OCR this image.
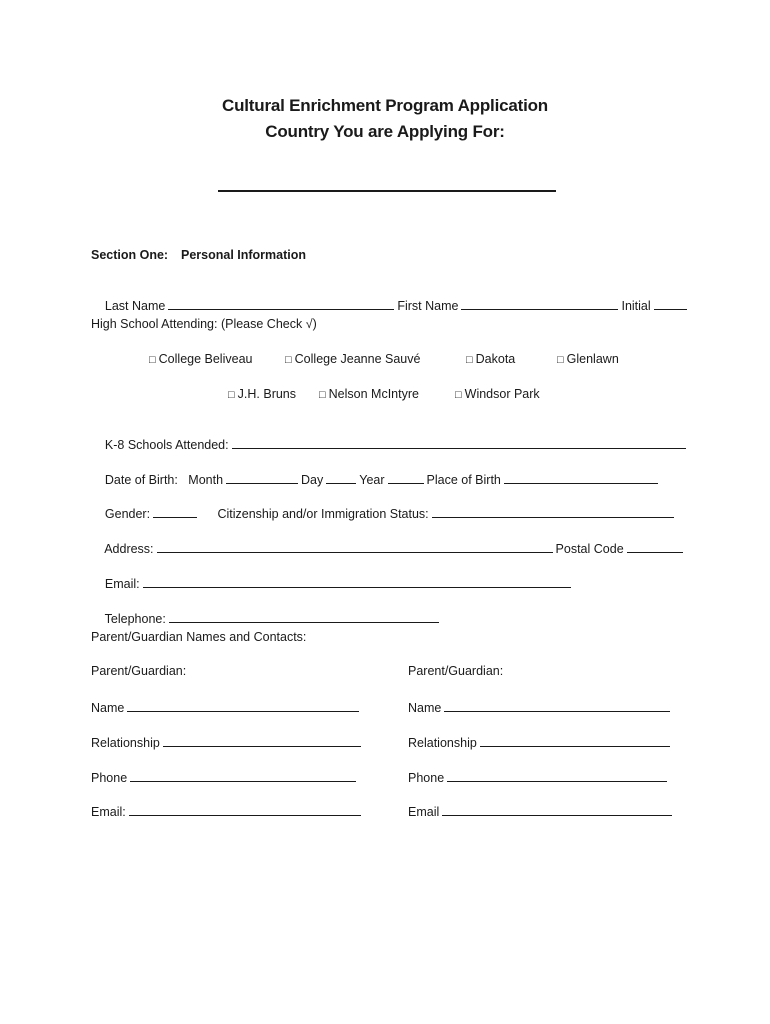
Cultural Enrichment Program Application
Country You are Applying For:
Section One: Personal Information

Last Name	First Name	Initial

High School Attending: (Please Check √)
□ College Beliveau	□ College Jeanne Sauvé	□ Dakota	□ Glenlawn
□ J.H. Bruns □ Nelson McIntyre	□ Windsor Park

K-8 Schools Attended:

Date of Birth: Month	Day	Year	Place of Birth

Gender:	Citizenship and/or Immigration Status:

Address:	Postal Code

Email:

Telephone:

Parent/Guardian Names and Contacts:
Parent/Guardian:	Parent/Guardian:
Name	Name
Relationship	Relationship
Phone	Phone
Email:	Email
